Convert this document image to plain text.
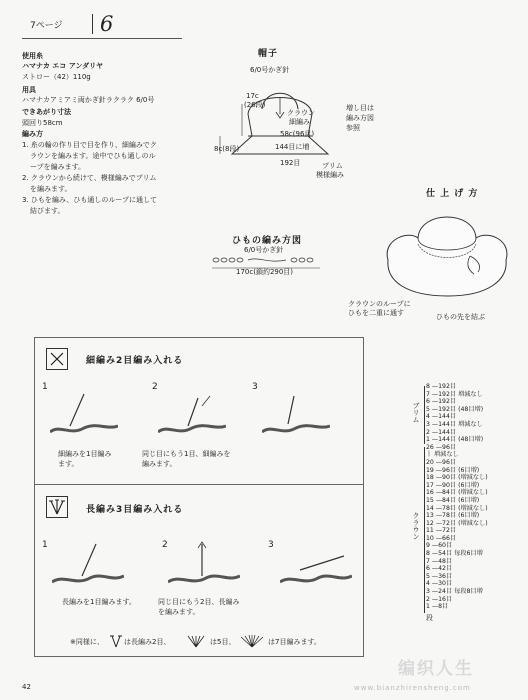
7ページ 6
使用糸
ハマナカ エコ アンダリヤ
ストロー（42）110g
用具
ハマナカアミアミ両かぎ針ラクラク 6/0号
できあがり寸法
頭回り58cm
編み方
1. 糸の輪の作り目で目を作り、細編みでク
ラウンを編みます。途中でひも通しのル
ープを編みます。
2. クラウンから続けて、模様編みでブリム
を編みます。
3. ひもを編み、ひも通しのループに通して
結びます。
帽子
6/0号かぎ針
17c
(26段)
クラウン
細編み
増し目は
編み方図
参照
58c(96目)
8c(8段)	144目に増
192目	ブリム
模様編み
仕 上 げ 方
クラウンのループに
ひもを二重に通す	ひもの先を結ぶ
ひもの編み方図
6/0号かぎ針
170c(鎖約290目)
細編み2目編み入れる
1
細編みを1目編み
ます。
2
同じ目にもう1目、細編みを
編みます。
3
長編み3目編み入れる
1
長編みを1目編みます。
2
同じ目にもう2目、長編み
を編みます。
3
※同様に、	は長編み2目、	は5目、	は7目編みます。
ブリム
クラウン
8 —192目
7 —192目 増減なし
6 —192目
5 —192目 (48目増)
4 —144目
3 —144目 増減なし
2 —144目
1 —144目 (48目増)
26 —96目
ㅣ 増減なし
20 —96目
19 —96目 (6目増)
18 —90目 (増減なし)
17 —90目 (6目増)
16 —84目 (増減なし)
15 —84目 (6目増)
14 —78目 (増減なし)
13 —78目 (6目増)
12 —72目 (増減なし)
11 —72目
10 —66目
9 —60目
8 —54目 毎段6目増
7 —48目
6 —42目
5 —36目
4 —30目
3 —24目 毎段8目増
2 —16目
1 —8目
段
42
编织人生
www.bianzhirensheng.com
